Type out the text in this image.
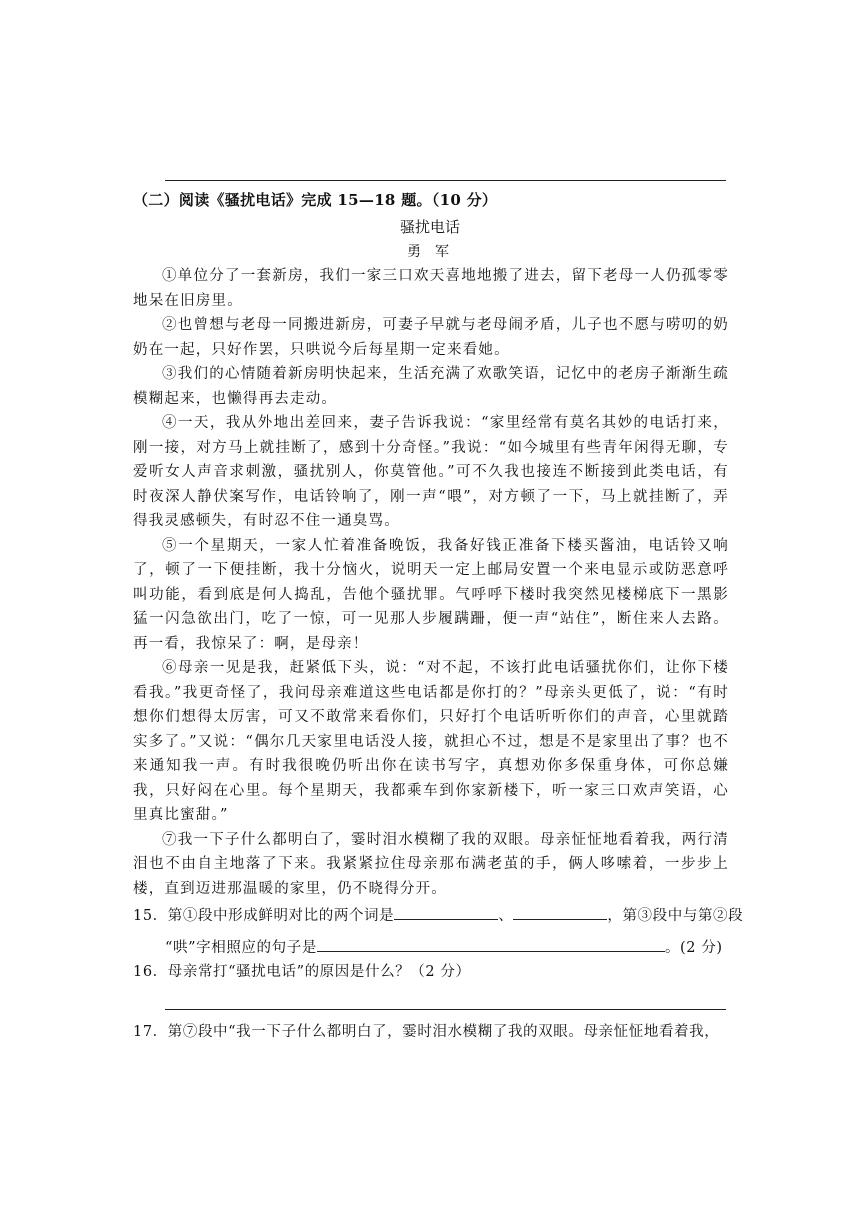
（二）阅读《骚扰电话》完成 15—18 题。（10 分）
骚扰电话
勇军

①单位分了一套新房，我们一家三口欢天喜地地搬了进去，留下老母一人仍孤零零地呆在旧房里。

②也曾想与老母一同搬进新房，可妻子早就与老母闹矛盾，儿子也不愿与唠叨的奶奶在一起，只好作罢，只哄说今后每星期一定来看她。

③我们的心情随着新房明快起来，生活充满了欢歌笑语，记忆中的老房子渐渐生疏模糊起来，也懒得再去走动。

④一天，我从外地出差回来，妻子告诉我说：“家里经常有莫名其妙的电话打来，刚一接，对方马上就挂断了，感到十分奇怪。”我说：“如今城里有些青年闲得无聊，专爱听女人声音求刺激，骚扰别人，你莫管他。”可不久我也接连不断接到此类电话，有时夜深人静伏案写作，电话铃响了，刚一声“喂”，对方顿了一下，马上就挂断了，弄得我灵感顿失，有时忍不住一通臭骂。

⑤一个星期天，一家人忙着准备晚饭，我备好钱正准备下楼买酱油，电话铃又响了，顿了一下便挂断，我十分恼火，说明天一定上邮局安置一个来电显示或防恶意呼叫功能，看到底是何人捣乱，告他个骚扰罪。气呼呼下楼时我突然见楼梯底下一黑影猛一闪急欲出门，吃了一惊，可一见那人步履蹒跚，便一声“站住”，断住来人去路。再一看，我惊呆了：啊，是母亲！

⑥母亲一见是我，赶紧低下头，说：“对不起，不该打此电话骚扰你们，让你下楼看我。”我更奇怪了，我问母亲难道这些电话都是你打的？”母亲头更低了，说：“有时想你们想得太厉害，可又不敢常来看你们，只好打个电话听听你们的声音，心里就踏实多了。”又说：“偶尔几天家里电话没人接，就担心不过，想是不是家里出了事？也不来通知我一声。有时我很晚仍听出你在读书写字，真想劝你多保重身体，可你总嫌我，只好闷在心里。每个星期天，我都乘车到你家新楼下，听一家三口欢声笑语，心里真比蜜甜。”

⑦我一下子什么都明白了，霎时泪水模糊了我的双眼。母亲怔怔地看着我，两行清泪也不由自主地落了下来。我紧紧拉住母亲那布满老茧的手，俩人哆嗦着，一步步上楼，直到迈进那温暖的家里，仍不晓得分开。

15．第①段中形成鲜明对比的两个词是	、	，第③段中与第②段
“哄”字相照应的句子是	。(2 分)
16．母亲常打“骚扰电话”的原因是什么？（2 分）
17．第⑦段中“我一下子什么都明白了，霎时泪水模糊了我的双眼。母亲怔怔地看着我，
